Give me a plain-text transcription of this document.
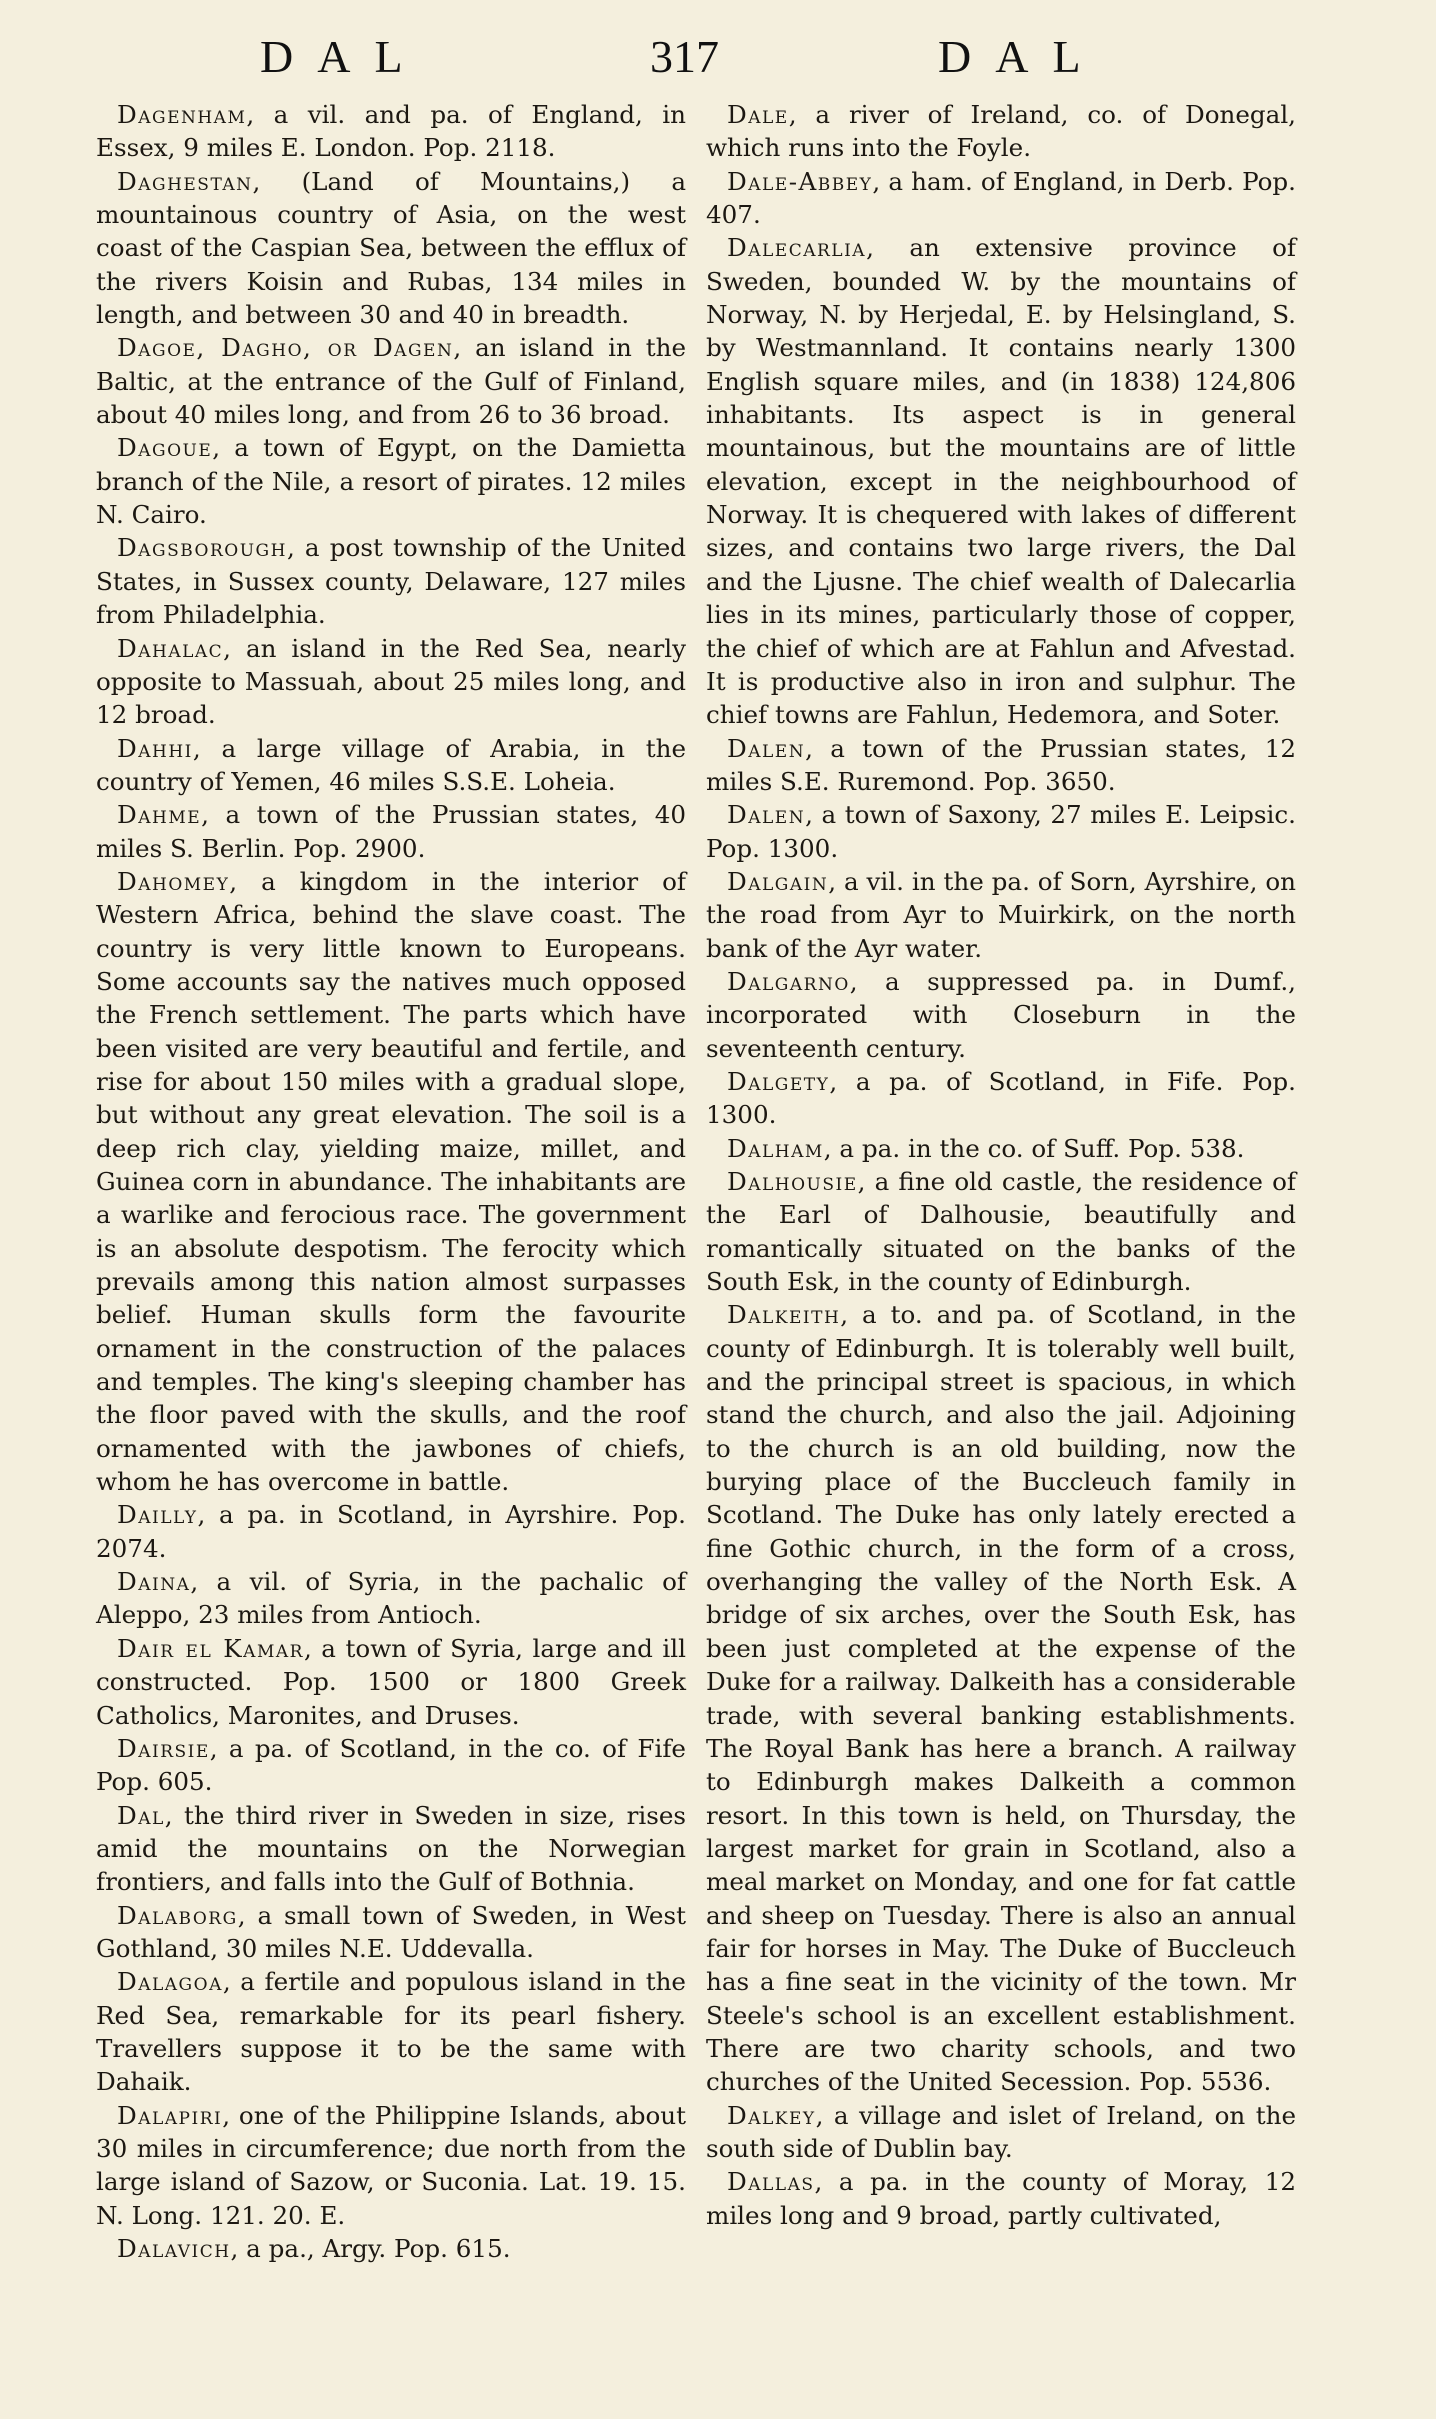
DAL	317	DAL

Dagenham, a vil. and pa. of England, in Essex, 9 miles E. London. Pop. 2118.

Daghestan, (Land of Mountains,) a mountainous country of Asia, on the west coast of the Caspian Sea, between the efflux of the rivers Koisin and Rubas, 134 miles in length, and between 30 and 40 in breadth.

Dagoe, Dagho, or Dagen, an island in the Baltic, at the entrance of the Gulf of Finland, about 40 miles long, and from 26 to 36 broad.

Dagoue, a town of Egypt, on the Damietta branch of the Nile, a resort of pirates. 12 miles N. Cairo.

Dagsborough, a post township of the United States, in Sussex county, Delaware, 127 miles from Philadelphia.

Dahalac, an island in the Red Sea, nearly opposite to Massuah, about 25 miles long, and 12 broad.

Dahhi, a large village of Arabia, in the country of Yemen, 46 miles S.S.E. Loheia.

Dahme, a town of the Prussian states, 40 miles S. Berlin. Pop. 2900.

Dahomey, a kingdom in the interior of Western Africa, behind the slave coast. The country is very little known to Europeans. Some accounts say the natives much opposed the French settlement. The parts which have been visited are very beautiful and fertile, and rise for about 150 miles with a gradual slope, but without any great elevation. The soil is a deep rich clay, yielding maize, millet, and Guinea corn in abundance. The inhabitants are a warlike and ferocious race. The government is an absolute despotism. The ferocity which prevails among this nation almost surpasses belief. Human skulls form the favourite ornament in the construction of the palaces and temples. The king's sleeping chamber has the floor paved with the skulls, and the roof ornamented with the jawbones of chiefs, whom he has overcome in battle.

Dailly, a pa. in Scotland, in Ayrshire. Pop. 2074.

Daina, a vil. of Syria, in the pachalic of Aleppo, 23 miles from Antioch.

Dair el Kamar, a town of Syria, large and ill constructed. Pop. 1500 or 1800 Greek Catholics, Maronites, and Druses.

Dairsie, a pa. of Scotland, in the co. of Fife Pop. 605.

Dal, the third river in Sweden in size, rises amid the mountains on the Norwegian frontiers, and falls into the Gulf of Bothnia.

Dalaborg, a small town of Sweden, in West Gothland, 30 miles N.E. Uddevalla.

Dalagoa, a fertile and populous island in the Red Sea, remarkable for its pearl fishery. Travellers suppose it to be the same with Dahaik.

Dalapiri, one of the Philippine Islands, about 30 miles in circumference; due north from the large island of Sazow, or Suconia. Lat. 19. 15. N. Long. 121. 20. E.

Dalavich, a pa., Argy. Pop. 615.

Dale, a river of Ireland, co. of Donegal, which runs into the Foyle.

Dale-Abbey, a ham. of England, in Derb. Pop. 407.

Dalecarlia, an extensive province of Sweden, bounded W. by the mountains of Norway, N. by Herjedal, E. by Helsingland, S. by Westmannland. It contains nearly 1300 English square miles, and (in 1838) 124,806 inhabitants. Its aspect is in general mountainous, but the mountains are of little elevation, except in the neighbourhood of Norway. It is chequered with lakes of different sizes, and contains two large rivers, the Dal and the Ljusne. The chief wealth of Dalecarlia lies in its mines, particularly those of copper, the chief of which are at Fahlun and Afvestad. It is productive also in iron and sulphur. The chief towns are Fahlun, Hedemora, and Soter.

Dalen, a town of the Prussian states, 12 miles S.E. Ruremond. Pop. 3650.

Dalen, a town of Saxony, 27 miles E. Leipsic. Pop. 1300.

Dalgain, a vil. in the pa. of Sorn, Ayrshire, on the road from Ayr to Muirkirk, on the north bank of the Ayr water.

Dalgarno, a suppressed pa. in Dumf., incorporated with Closeburn in the seventeenth century.

Dalgety, a pa. of Scotland, in Fife. Pop. 1300.

Dalham, a pa. in the co. of Suff. Pop. 538.

Dalhousie, a fine old castle, the residence of the Earl of Dalhousie, beautifully and romantically situated on the banks of the South Esk, in the county of Edinburgh.

Dalkeith, a to. and pa. of Scotland, in the county of Edinburgh. It is tolerably well built, and the principal street is spacious, in which stand the church, and also the jail. Adjoining to the church is an old building, now the burying place of the Buccleuch family in Scotland. The Duke has only lately erected a fine Gothic church, in the form of a cross, overhanging the valley of the North Esk. A bridge of six arches, over the South Esk, has been just completed at the expense of the Duke for a railway. Dalkeith has a considerable trade, with several banking establishments. The Royal Bank has here a branch. A railway to Edinburgh makes Dalkeith a common resort. In this town is held, on Thursday, the largest market for grain in Scotland, also a meal market on Monday, and one for fat cattle and sheep on Tuesday. There is also an annual fair for horses in May. The Duke of Buccleuch has a fine seat in the vicinity of the town. Mr Steele's school is an excellent establishment. There are two charity schools, and two churches of the United Secession. Pop. 5536.

Dalkey, a village and islet of Ireland, on the south side of Dublin bay.

Dallas, a pa. in the county of Moray, 12 miles long and 9 broad, partly cultivated,
